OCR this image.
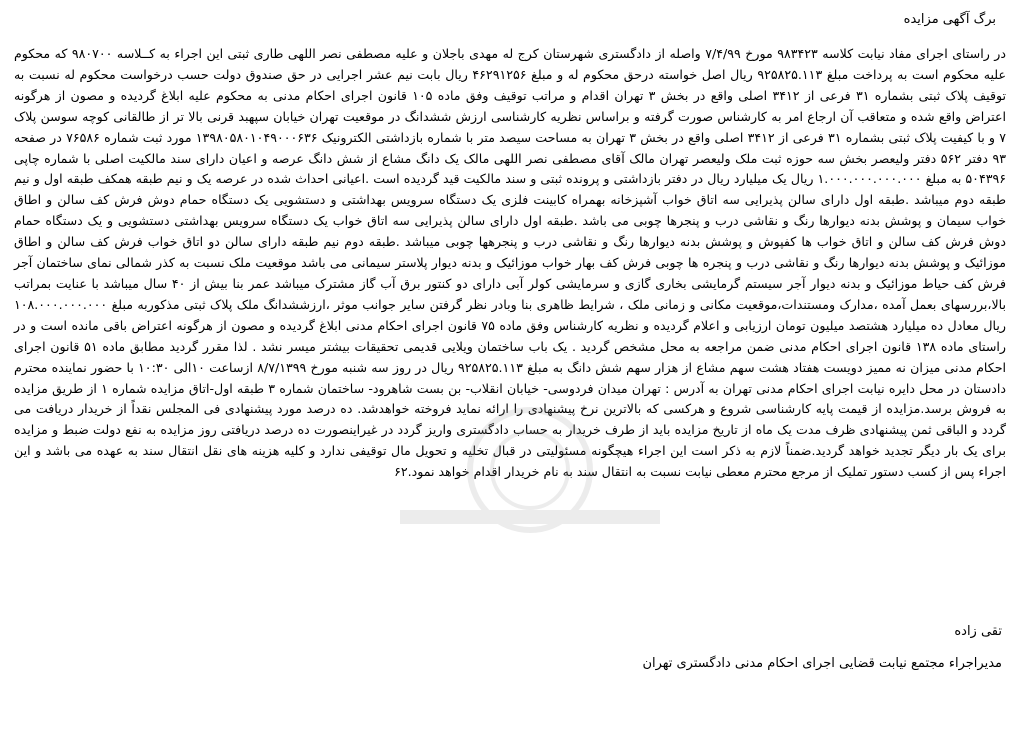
برگ آگهی مزایده

در راستای اجرای مفاد نیابت کلاسه ۹۸۳۴۲۳ مورخ ۷/۴/۹۹ واصله از دادگستری شهرستان کرج له مهدی باجلان و علیه مصطفی نصر اللهی طاری ثبتی این اجراء به کــلاسه ۹۸۰۷۰۰ که محکوم علیه محکوم است به پرداخت مبلغ ۹۲۵۸۲۵.۱۱۳ ریال اصل خواسته درحق محکوم له و مبلغ ۴۶۲۹۱۲۵۶ ریال بابت نیم عشر اجرایی در حق صندوق دولت حسب درخواست محکوم له نسبت به توقیف پلاک ثبتی بشماره ۳۱ فرعی از ۳۴۱۲ اصلی واقع در بخش ۳ تهران اقدام و مراتب توقیف وفق ماده ۱۰۵ قانون اجرای احکام مدنی به محکوم علیه ابلاغ گردیده و مصون از هرگونه اعتراض واقع شده و متعاقب آن ارجاع امر به کارشناس صورت گرفته و براساس نظریه کارشناسی ارزش ششدانگ در موقعیت تهران خیابان سپهبد قرنی بالا تر از طالقانی کوچه سوسن پلاک ۷ و با کیفیت پلاک ثبتی بشماره ۳۱ فرعی از ۳۴۱۲ اصلی واقع در بخش ۳ تهران به مساحت سیصد متر با شماره بازداشتی الکترونیک ۱۳۹۸۰۵۸۰۱۰۴۹۰۰۰۶۳۶ مورد ثبت شماره ۷۶۵۸۶ در صفحه ۹۳ دفتر ۵۶۲ دفتر ولیعصر بخش سه حوزه ثبت ملک ولیعصر تهران مالک آقای مصطفی نصر اللهی مالک یک دانگ مشاع از شش دانگ عرصه و اعیان دارای سند مالکیت اصلی با شماره چاپی ۵۰۴۳۹۶ به مبلغ ۱.۰۰۰.۰۰۰.۰۰۰.۰۰۰ ریال یک میلیارد ریال در دفتر بازداشتی و پرونده ثبتی و سند مالکیت قید گردیده است .اعیانی احداث شده در عرصه یک و نیم طبقه همکف طبقه اول و نیم طبقه دوم میباشد .طبقه اول دارای سالن پذیرایی سه اتاق خواب آشپزخانه بهمراه کابینت فلزی یک دستگاه سرویس بهداشتی و دستشویی یک دستگاه حمام دوش فرش کف سالن و اطاق خواب سیمان و پوشش بدنه دیوارها رنگ و نقاشی درب و پنجرها چوبی می باشد .طبقه اول دارای سالن پذیرایی سه اتاق خواب یک دستگاه سرویس بهداشتی دستشویی و یک دستگاه حمام دوش فرش کف سالن و اتاق خواب ها کفپوش و پوشش بدنه دیوارها رنگ و نقاشی درب و پنجرهها چوبی میباشد .طبقه دوم نیم طبقه دارای سالن دو اتاق خواب فرش کف سالن و اطاق موزائیک و پوشش بدنه دیوارها رنگ و نقاشی درب و پنجره ها چوبی فرش کف بهار خواب موزائیک و بدنه دیوار پلاستر سیمانی می باشد موقعیت ملک نسبت به کذر شمالی نمای ساختمان آجر فرش کف حیاط موزائیک و بدنه دیوار آجر سیستم گرمایشی بخاری گازی و سرمایشی کولر آبی دارای دو کنتور برق آب گاز مشترک میباشد عمر بنا بیش از ۴۰ سال میباشد با عنایت بمراتب بالا،بررسهای بعمل آمده ،مدارک ومستندات،موقعیت مکانی و زمانی ملک ، شرایط ظاهری بنا وبادر نظر گرفتن سایر جوانب موثر ،ارزششدانگ ملک پلاک ثبتی مذکوربه مبلغ ۱۰۸.۰۰۰.۰۰۰.۰۰۰ ریال معادل ده میلیارد هشتصد میلیون تومان ارزیابی و اعلام گردیده و نظریه کارشناس وفق ماده ۷۵ قانون اجرای احکام مدنی ابلاغ گردیده و مصون از هرگونه اعتراض باقی مانده است و در راستای ماده ۱۳۸ قانون اجرای احکام مدنی ضمن مراجعه به محل مشخص گردید . یک باب ساختمان ویلایی قدیمی تحقیقات بیشتر میسر نشد . لذا مقرر گردید مطابق ماده ۵۱ قانون اجرای احکام مدنی میزان نه ممیز دویست هفتاد هشت سهم مشاع از هزار سهم شش دانگ به مبلغ ۹۲۵۸۲۵.۱۱۳ ریال در روز سه شنبه مورخ ۸/۷/۱۳۹۹ ازساعت ۱۰الی ۱۰:۳۰ با حضور نماینده محترم دادستان در محل دایره نیابت اجرای احکام مدنی تهران به آدرس : تهران میدان فردوسی- خیابان انقلاب- بن بست شاهرود- ساختمان شماره ۳ طبقه اول-اتاق مزایده شماره ۱ از طریق مزایده به فروش برسد.مزایده از قیمت پایه کارشناسی شروع و هرکسی که بالاترین نرخ پیشنهادی را ارائه نماید فروخته خواهدشد. ده درصد مورد پیشنهادی فی المجلس نقداً از خریدار دریافت می گردد و الباقی ثمن پیشنهادی ظرف مدت یک ماه از تاریخ مزایده باید از طرف خریدار به حساب دادگستری واریز گردد در غیراینصورت ده درصد دریافتی روز مزایده به نفع دولت ضبط و مزایده برای یک بار دیگر تجدید خواهد گردید.ضمناً لازم به ذکر است این اجراء هیچگونه مسئولیتی در قبال تخلیه و تحویل مال توقیفی ندارد و کلیه هزینه های نقل انتقال سند به عهده می باشد و این اجراء پس از کسب دستور تملیک از مرجع محترم معطی نیابت نسبت به انتقال سند به نام خریدار اقدام خواهد نمود.۶۲

تقی زاده
مدیراجراء مجتمع نیابت قضایی اجرای احکام مدنی دادگستری تهران
